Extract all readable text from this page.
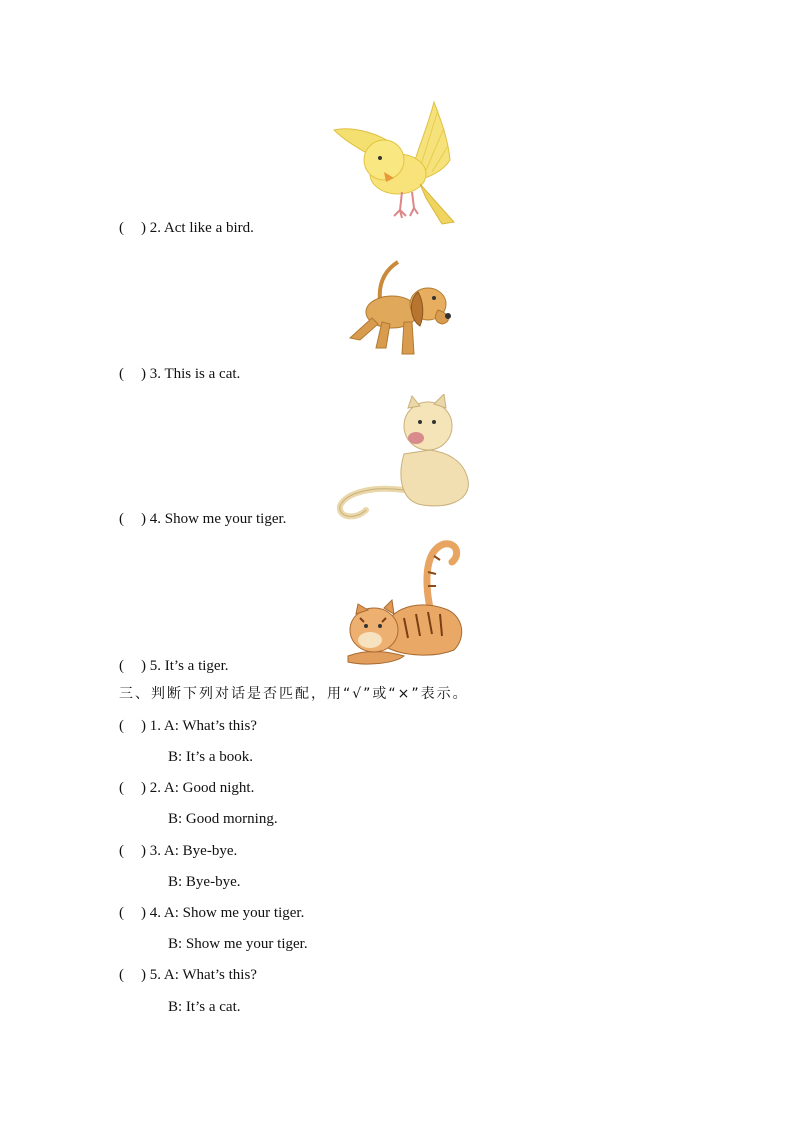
( ) 2. Act like a bird.
( ) 3. This is a cat.
( ) 4. Show me your tiger.
( ) 5. It’s a tiger.
三、判断下列对话是否匹配，用“√”或“×”表示。
( ) 1. A: What’s this?
B: It’s a book.
( ) 2. A: Good night.
B: Good morning.
( ) 3. A: Bye-bye.
B: Bye-bye.
( ) 4. A: Show me your tiger.
B: Show me your tiger.
( ) 5. A: What’s this?
B: It’s a cat.
